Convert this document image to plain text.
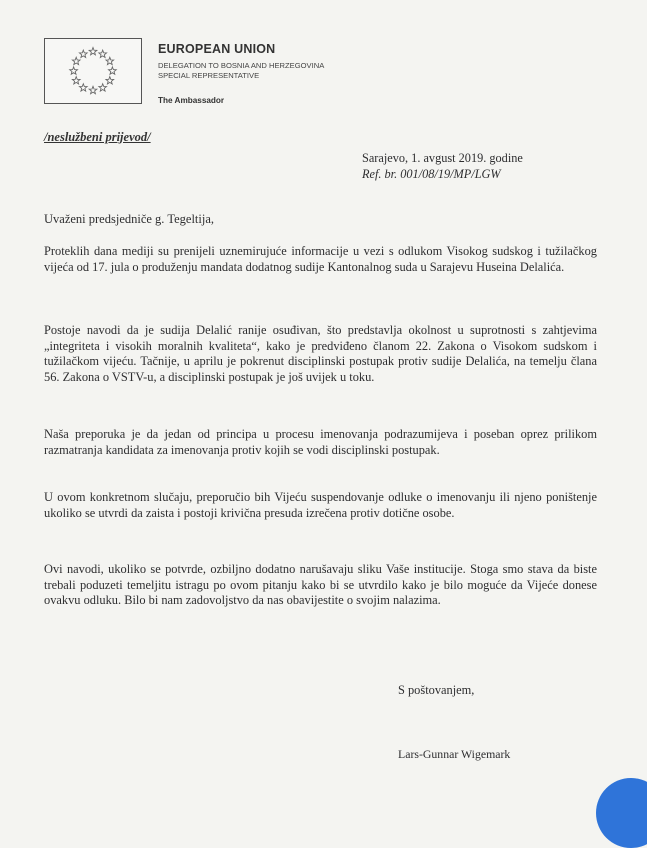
EUROPEAN UNION
DELEGATION TO BOSNIA AND HERZEGOVINA
SPECIAL REPRESENTATIVE
The Ambassador
/neslužbeni prijevod/
Sarajevo, 1. avgust 2019. godine
Ref. br. 001/08/19/MP/LGW
Uvaženi predsjedniče g. Tegeltija,

Proteklih dana mediji su prenijeli uznemirujuće informacije u vezi s odlukom Visokog sudskog i tužilačkog vijeća od 17. jula o produženju mandata dodatnog sudije Kantonalnog suda u Sarajevu Huseina Delalića.

Postoje navodi da je sudija Delalić ranije osuđivan, što predstavlja okolnost u suprotnosti s zahtjevima „integriteta i visokih moralnih kvaliteta“, kako je predviđeno članom 22. Zakona o Visokom sudskom i tužilačkom vijeću. Tačnije, u aprilu je pokrenut disciplinski postupak protiv sudije Delalića, na temelju člana 56. Zakona o VSTV-u, a disciplinski postupak je još uvijek u toku.

Naša preporuka je da jedan od principa u procesu imenovanja podrazumijeva i poseban oprez prilikom razmatranja kandidata za imenovanja protiv kojih se vodi disciplinski postupak.

U ovom konkretnom slučaju, preporučio bih Vijeću suspendovanje odluke o imenovanju ili njeno poništenje ukoliko se utvrdi da zaista i postoji krivična presuda izrečena protiv dotične osobe.

Ovi navodi, ukoliko se potvrde, ozbiljno dodatno narušavaju sliku Vaše institucije. Stoga smo stava da biste trebali poduzeti temeljitu istragu po ovom pitanju kako bi se utvrdilo kako je bilo moguće da Vijeće donese ovakvu odluku. Bilo bi nam zadovoljstvo da nas obavijestite o svojim nalazima.

S poštovanjem,
Lars-Gunnar Wigemark
